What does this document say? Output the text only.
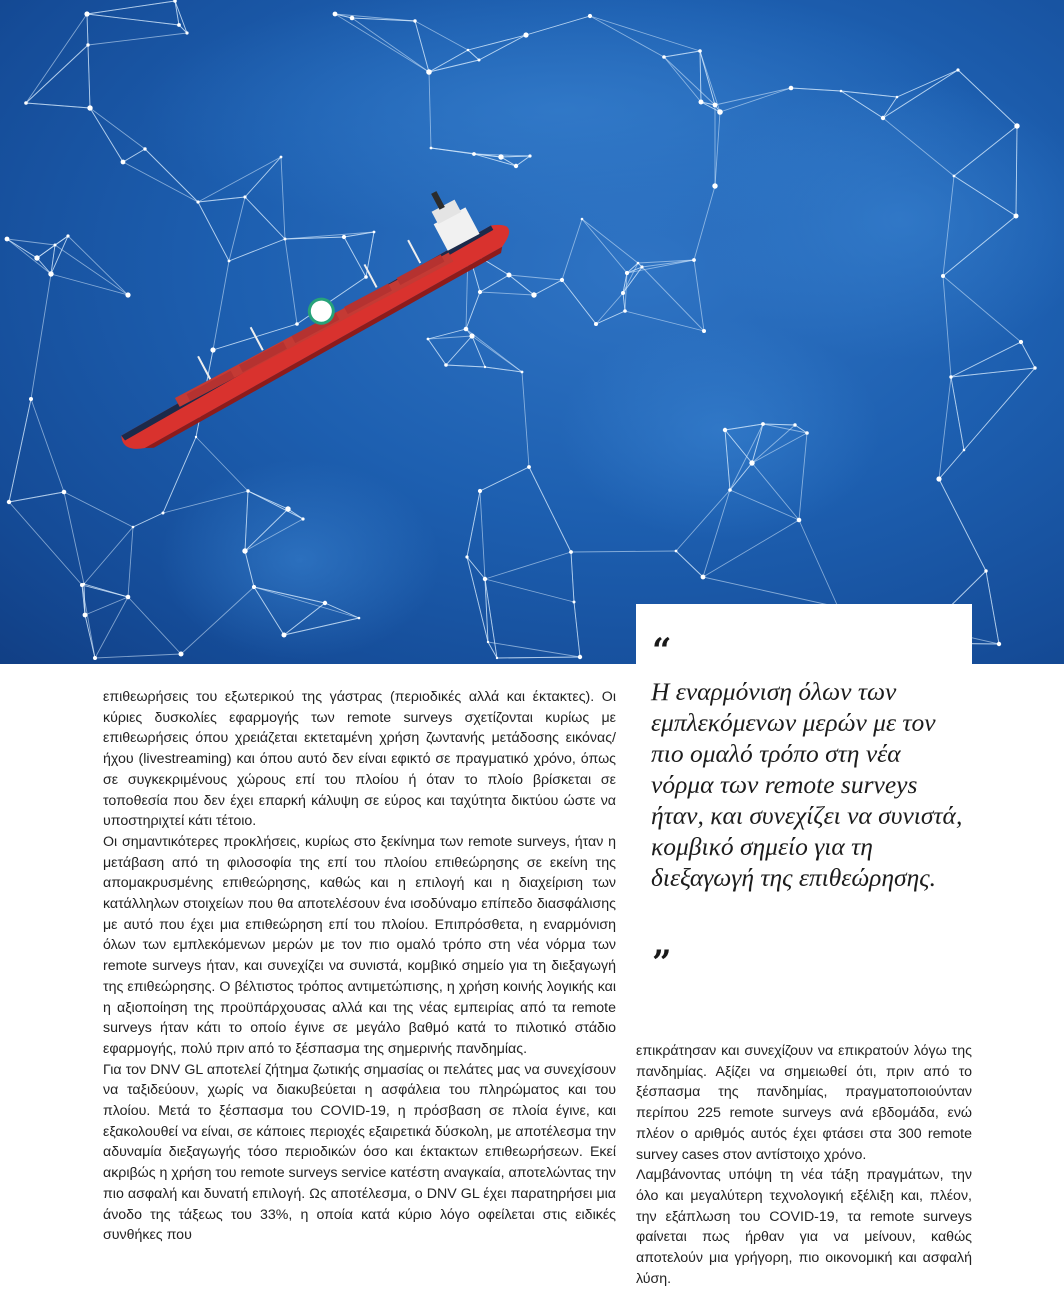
επιθεωρήσεις του εξωτερικού της γάστρας (περιοδικές αλλά και έκτακτες). Οι κύριες δυσκολίες εφαρμογής των remote surveys σχετίζονται κυρίως με επιθεωρήσεις όπου χρειάζεται εκτεταμένη χρήση ζωντανής μετάδοσης εικόνας/ήχου (livestreaming) και όπου αυτό δεν είναι εφικτό σε πραγματικό χρόνο, όπως σε συγκεκριμένους χώρους επί του πλοίου ή όταν το πλοίο βρίσκεται σε τοποθεσία που δεν έχει επαρκή κάλυψη σε εύρος και ταχύτητα δικτύου ώστε να υποστηριχτεί κάτι τέτοιο.

Οι σημαντικότερες προκλήσεις, κυρίως στο ξεκίνημα των remote surveys, ήταν η μετάβαση από τη φιλοσοφία της επί του πλοίου επιθεώρησης σε εκείνη της απομακρυσμένης επιθεώρησης, καθώς και η επιλογή και η διαχείριση των κατάλληλων στοιχείων που θα αποτελέσουν ένα ισοδύναμο επίπεδο διασφάλισης με αυτό που έχει μια επιθεώρηση επί του πλοίου. Επιπρόσθετα, η εναρμόνιση όλων των εμπλεκόμενων μερών με τον πιο ομαλό τρόπο στη νέα νόρμα των remote surveys ήταν, και συνεχίζει να συνιστά, κομβικό σημείο για τη διεξαγωγή της επιθεώρησης. Ο βέλτιστος τρόπος αντιμετώπισης, η χρήση κοινής λογικής και η αξιοποίηση της προϋπάρχουσας αλλά και της νέας εμπειρίας από τα remote surveys ήταν κάτι το οποίο έγινε σε μεγάλο βαθμό κατά το πιλοτικό στάδιο εφαρμογής, πολύ πριν από το ξέσπασμα της σημερινής πανδημίας.

Για τον DNV GL αποτελεί ζήτημα ζωτικής σημασίας οι πελάτες μας να συνεχίσουν να ταξιδεύουν, χωρίς να διακυβεύεται η ασφάλεια του πληρώματος και του πλοίου. Μετά το ξέσπασμα του COVID-19, η πρόσβαση σε πλοία έγινε, και εξακολουθεί να είναι, σε κάποιες περιοχές εξαιρετικά δύσκολη, με αποτέλεσμα την αδυναμία διεξαγωγής τόσο περιοδικών όσο και έκτακτων επιθεωρήσεων. Εκεί ακριβώς η χρήση του remote surveys service κατέστη αναγκαία, αποτελώντας την πιο ασφαλή και δυνατή επιλογή. Ως αποτέλεσμα, ο DNV GL έχει παρατηρήσει μια άνοδο της τάξεως του 33%, η οποία κατά κύριο λόγο οφείλεται στις ειδικές συνθήκες που

“
Η εναρμόνιση όλων των εμπλεκόμενων μερών με τον πιο ομαλό τρόπο στη νέα νόρμα των remote surveys ήταν, και συνεχίζει να συνιστά, κομβικό σημείο για τη διεξαγωγή της επιθεώρησης.
”

επικράτησαν και συνεχίζουν να επικρατούν λόγω της πανδημίας. Αξίζει να σημειωθεί ότι, πριν από το ξέσπασμα της πανδημίας, πραγματοποιούνταν περίπου 225 remote surveys ανά εβδομάδα, ενώ πλέον ο αριθμός αυτός έχει φτάσει στα 300 remote survey cases στον αντίστοιχο χρόνο.

Λαμβάνοντας υπόψη τη νέα τάξη πραγμάτων, την όλο και μεγαλύτερη τεχνολογική εξέλιξη και, πλέον, την εξάπλωση του COVID-19, τα remote surveys φαίνεται πως ήρθαν για να μείνουν, καθώς αποτελούν μια γρήγορη, πιο οικονομική και ασφαλή λύση.
